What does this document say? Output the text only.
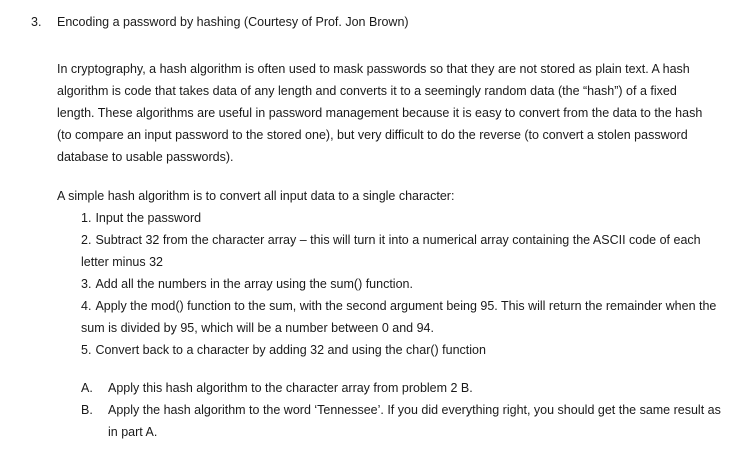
3. Encoding a password by hashing (Courtesy of Prof. Jon Brown)

In cryptography, a hash algorithm is often used to mask passwords so that they are not stored as plain text. A hash algorithm is code that takes data of any length and converts it to a seemingly random data (the “hash”) of a fixed length. These algorithms are useful in password management because it is easy to convert from the data to the hash (to compare an input password to the stored one), but very difficult to do the reverse (to convert a stolen password database to usable passwords).

A simple hash algorithm is to convert all input data to a single character:

1. Input the password
2. Subtract 32 from the character array – this will turn it into a numerical array containing the ASCII code of each letter minus 32
3. Add all the numbers in the array using the sum() function.
4. Apply the mod() function to the sum, with the second argument being 95. This will return the remainder when the sum is divided by 95, which will be a number between 0 and 94.
5. Convert back to a character by adding 32 and using the char() function
A. Apply this hash algorithm to the character array from problem 2 B.
B. Apply the hash algorithm to the word ‘Tennessee’. If you did everything right, you should get the same result as in part A.
